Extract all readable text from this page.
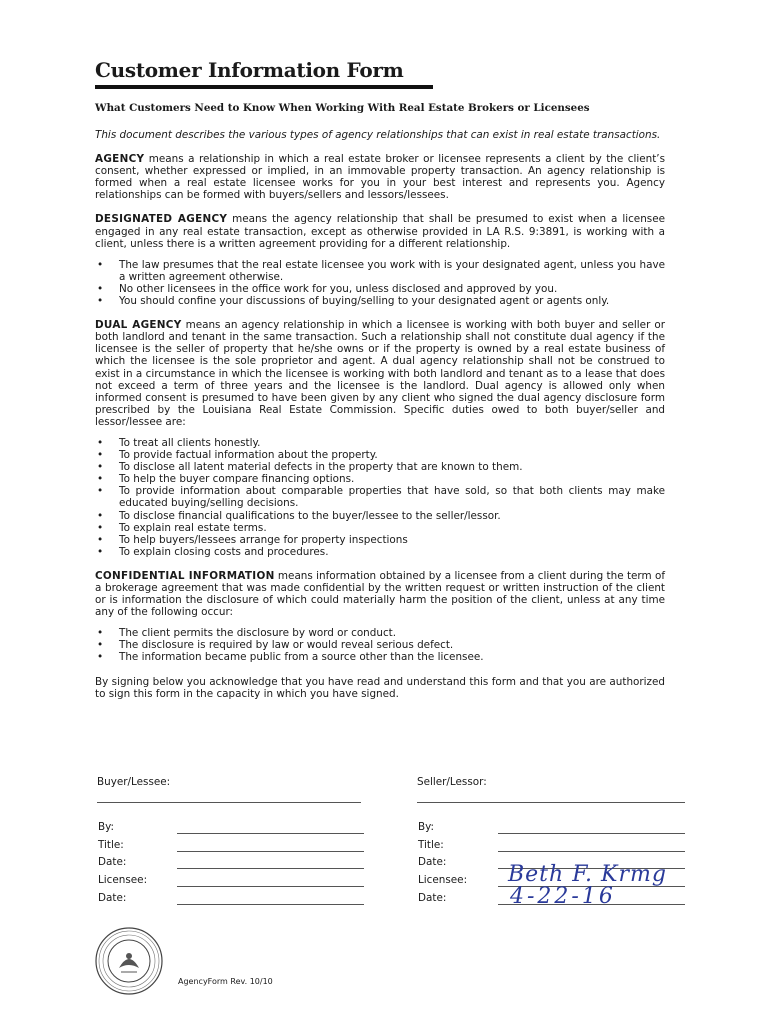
Customer Information Form

What Customers Need to Know When Working With Real Estate Brokers or Licensees

This document describes the various types of agency relationships that can exist in real estate transactions.

AGENCY means a relationship in which a real estate broker or licensee represents a client by the client’s consent, whether expressed or implied, in an immovable property transaction. An agency relationship is formed when a real estate licensee works for you in your best interest and represents you. Agency relationships can be formed with buyers/sellers and lessors/lessees.

DESIGNATED AGENCY means the agency relationship that shall be presumed to exist when a licensee engaged in any real estate transaction, except as otherwise provided in LA R.S. 9:3891, is working with a client, unless there is a written agreement providing for a different relationship.

• The law presumes that the real estate licensee you work with is your designated agent, unless you have a written agreement otherwise.
• No other licensees in the office work for you, unless disclosed and approved by you.
• You should confine your discussions of buying/selling to your designated agent or agents only.

DUAL AGENCY means an agency relationship in which a licensee is working with both buyer and seller or both landlord and tenant in the same transaction. Such a relationship shall not constitute dual agency if the licensee is the seller of property that he/she owns or if the property is owned by a real estate business of which the licensee is the sole proprietor and agent. A dual agency relationship shall not be construed to exist in a circumstance in which the licensee is working with both landlord and tenant as to a lease that does not exceed a term of three years and the licensee is the landlord. Dual agency is allowed only when informed consent is presumed to have been given by any client who signed the dual agency disclosure form prescribed by the Louisiana Real Estate Commission. Specific duties owed to both buyer/seller and lessor/lessee are:

• To treat all clients honestly.
• To provide factual information about the property.
• To disclose all latent material defects in the property that are known to them.
• To help the buyer compare financing options.
• To provide information about comparable properties that have sold, so that both clients may make educated buying/selling decisions.
• To disclose financial qualifications to the buyer/lessee to the seller/lessor.
• To explain real estate terms.
• To help buyers/lessees arrange for property inspections
• To explain closing costs and procedures.

CONFIDENTIAL INFORMATION means information obtained by a licensee from a client during the term of a brokerage agreement that was made confidential by the written request or written instruction of the client or is information the disclosure of which could materially harm the position of the client, unless at any time any of the following occur:

• The client permits the disclosure by word or conduct.
• The disclosure is required by law or would reveal serious defect.
• The information became public from a source other than the licensee.

By signing below you acknowledge that you have read and understand this form and that you are authorized to sign this form in the capacity in which you have signed.

Buyer/Lessee:	Seller/Lessor:
By:
Title:
Date:
Licensee:
Date:
By:
Title:
Date:
Licensee:
Date:
Beth F. Krmg
4-22-16
AgencyForm Rev. 10/10
